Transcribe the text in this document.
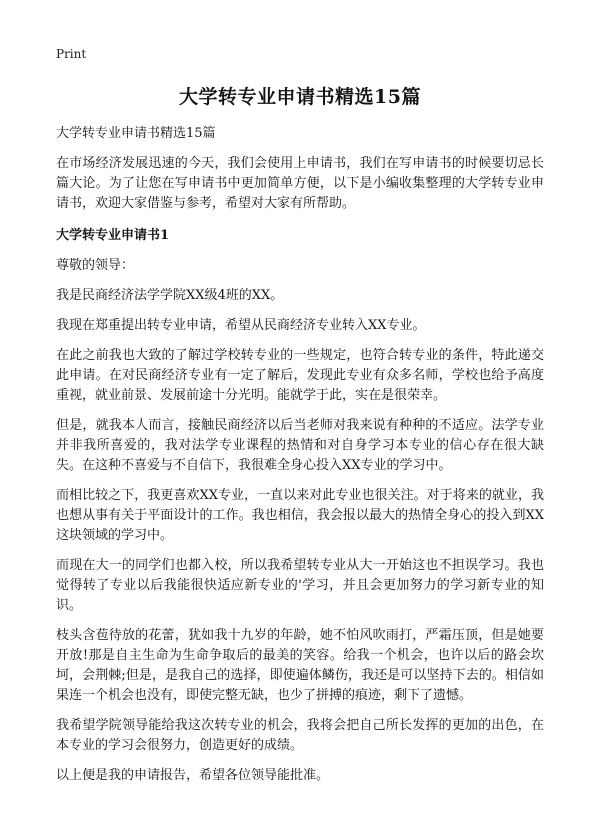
Print
大学转专业申请书精选15篇

大学转专业申请书精选15篇

在市场经济发展迅速的今天，我们会使用上申请书，我们在写申请书的时候要切忌长篇大论。为了让您在写申请书中更加简单方便，以下是小编收集整理的大学转专业申请书，欢迎大家借鉴与参考，希望对大家有所帮助。

大学转专业申请书1

尊敬的领导：

我是民商经济法学学院XX级4班的XX。

我现在郑重提出转专业申请，希望从民商经济专业转入XX专业。

在此之前我也大致的了解过学校转专业的一些规定，也符合转专业的条件，特此递交此申请。在对民商经济专业有一定了解后，发现此专业有众多名师，学校也给予高度重视，就业前景、发展前途十分光明。能就学于此，实在是很荣幸。

但是，就我本人而言，接触民商经济以后当老师对我来说有种种的不适应。法学专业并非我所喜爱的，我对法学专业课程的热情和对自身学习本专业的信心存在很大缺失。在这种不喜爱与不自信下，我很难全身心投入XX专业的学习中。

而相比较之下，我更喜欢XX专业，一直以来对此专业也很关注。对于将来的就业，我也想从事有关于平面设计的工作。我也相信，我会报以最大的热情全身心的投入到XX这块领域的学习中。

而现在大一的同学们也都入校，所以我希望转专业从大一开始这也不担误学习。我也觉得转了专业以后我能很快适应新专业的'学习，并且会更加努力的学习新专业的知识。

枝头含苞待放的花蕾，犹如我十九岁的年龄，她不怕风吹雨打，严霜压顶，但是她要开放!那是自主生命为生命争取后的最美的笑容。给我一个机会，也许以后的路会坎坷，会荆棘;但是，是我自己的选择，即使遍体鳞伤，我还是可以坚持下去的。相信如果连一个机会也没有，即使完整无缺，也少了拼搏的痕迹，剩下了遗憾。

我希望学院领导能给我这次转专业的机会，我将会把自己所长发挥的更加的出色，在本专业的学习会很努力，创造更好的成绩。

以上便是我的申请报告，希望各位领导能批准。
